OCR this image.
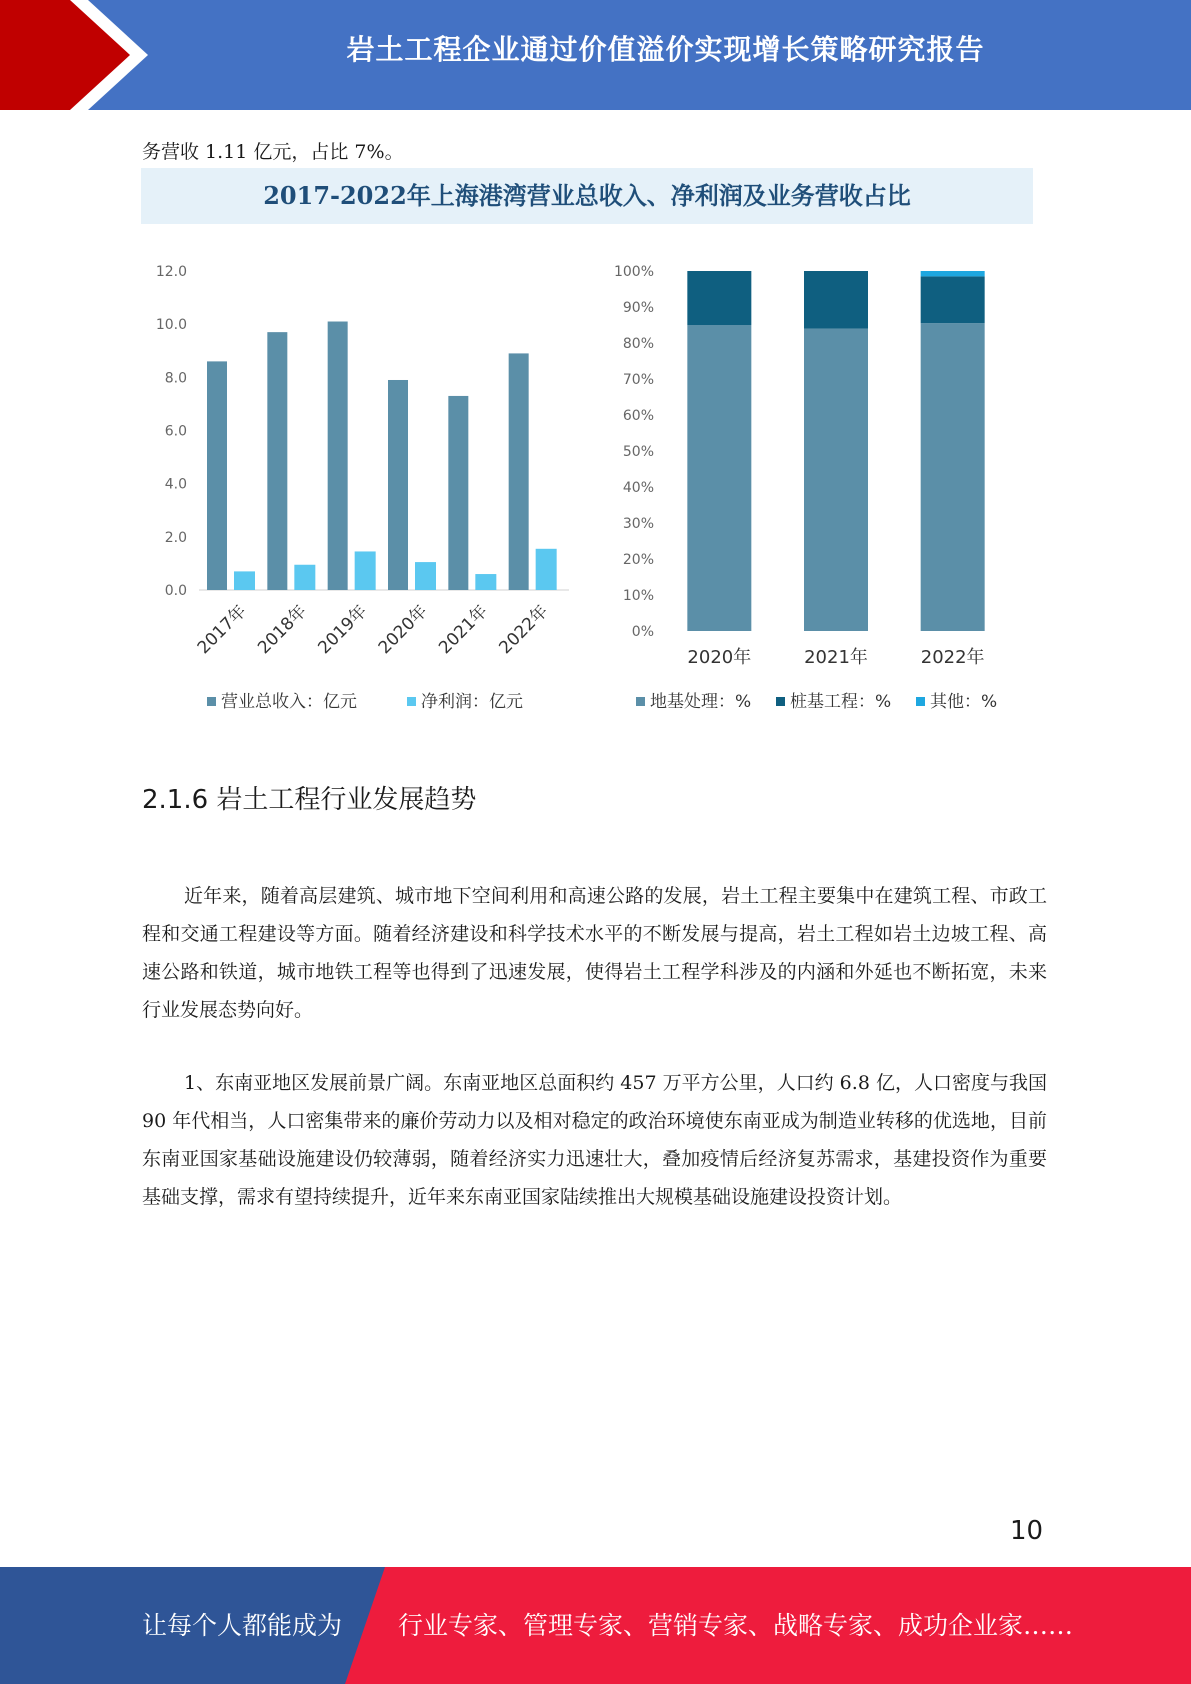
岩土工程企业通过价值溢价实现增长策略研究报告
务营收 1.11 亿元，占比 7%。
2017-2022年上海港湾营业总收入、净利润及业务营收占比
0.0
2.0
4.0
6.0
8.0
10.0
12.0
2017年 2018年 2019年 2020年 2021年 2022年
营业总收入：亿元	净利润：亿元
0%
10%
20%
30%
40%
50%
60%
70%
80%
90%
100%
2020年	2021年	2022年
地基处理：% 桩基工程：% 其他：%
2.1.6 岩土工程行业发展趋势
近年来，随着高层建筑、城市地下空间利用和高速公路的发展，岩土工程主要集中在建筑工程、市政工程和交通工程建设等方面。随着经济建设和科学技术水平的不断发展与提高，岩土工程如岩土边坡工程、高速公路和铁道，城市地铁工程等也得到了迅速发展，使得岩土工程学科涉及的内涵和外延也不断拓宽，未来行业发展态势向好。
1、东南亚地区发展前景广阔。东南亚地区总面积约 457 万平方公里，人口约 6.8 亿，人口密度与我国 90 年代相当，人口密集带来的廉价劳动力以及相对稳定的政治环境使东南亚成为制造业转移的优选地，目前东南亚国家基础设施建设仍较薄弱，随着经济实力迅速壮大，叠加疫情后经济复苏需求，基建投资作为重要基础支撑，需求有望持续提升，近年来东南亚国家陆续推出大规模基础设施建设投资计划。
10
让每个人都能成为 行业专家、管理专家、营销专家、战略专家、成功企业家……
